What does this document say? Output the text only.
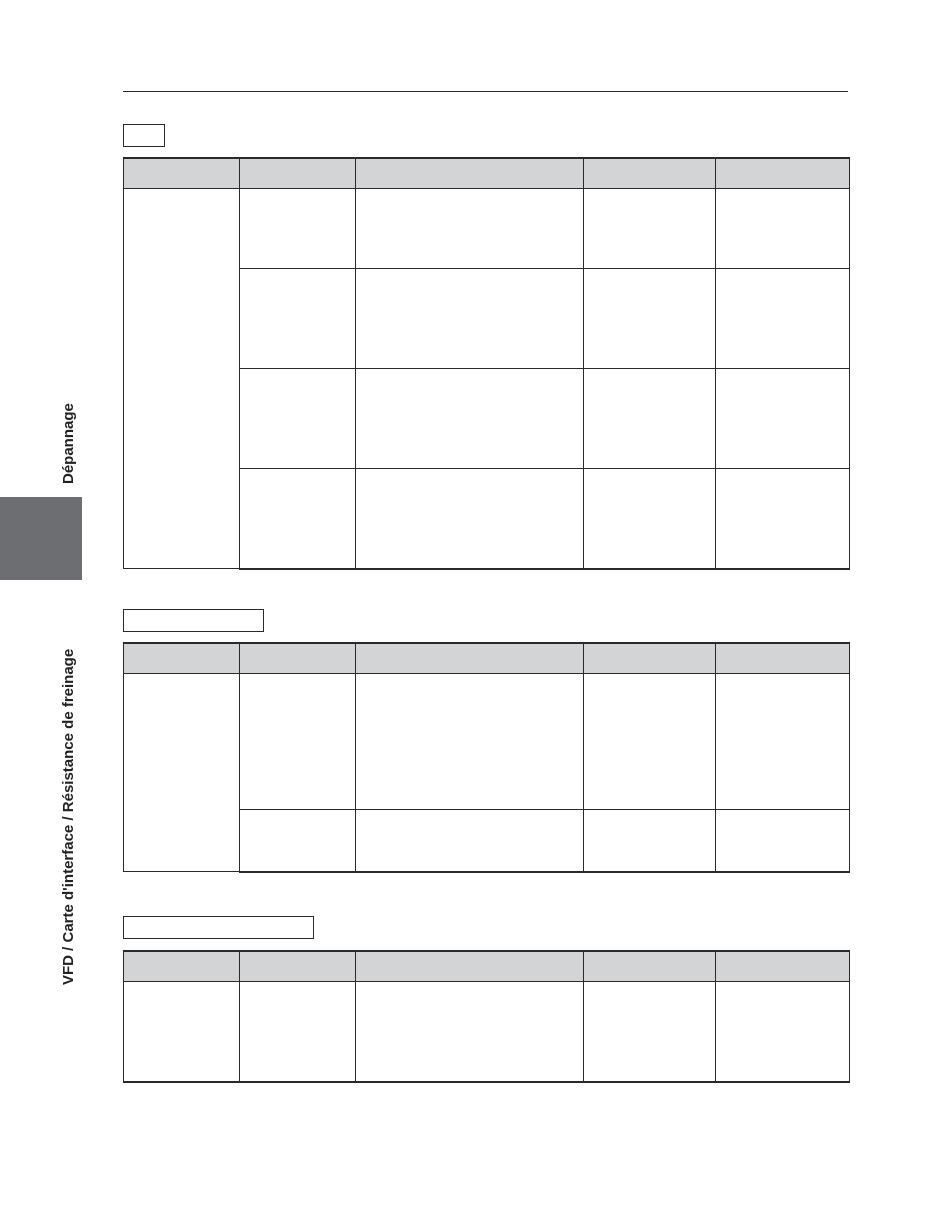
Dépannage
VFD / Carte d'interface / Résistance de freinage
